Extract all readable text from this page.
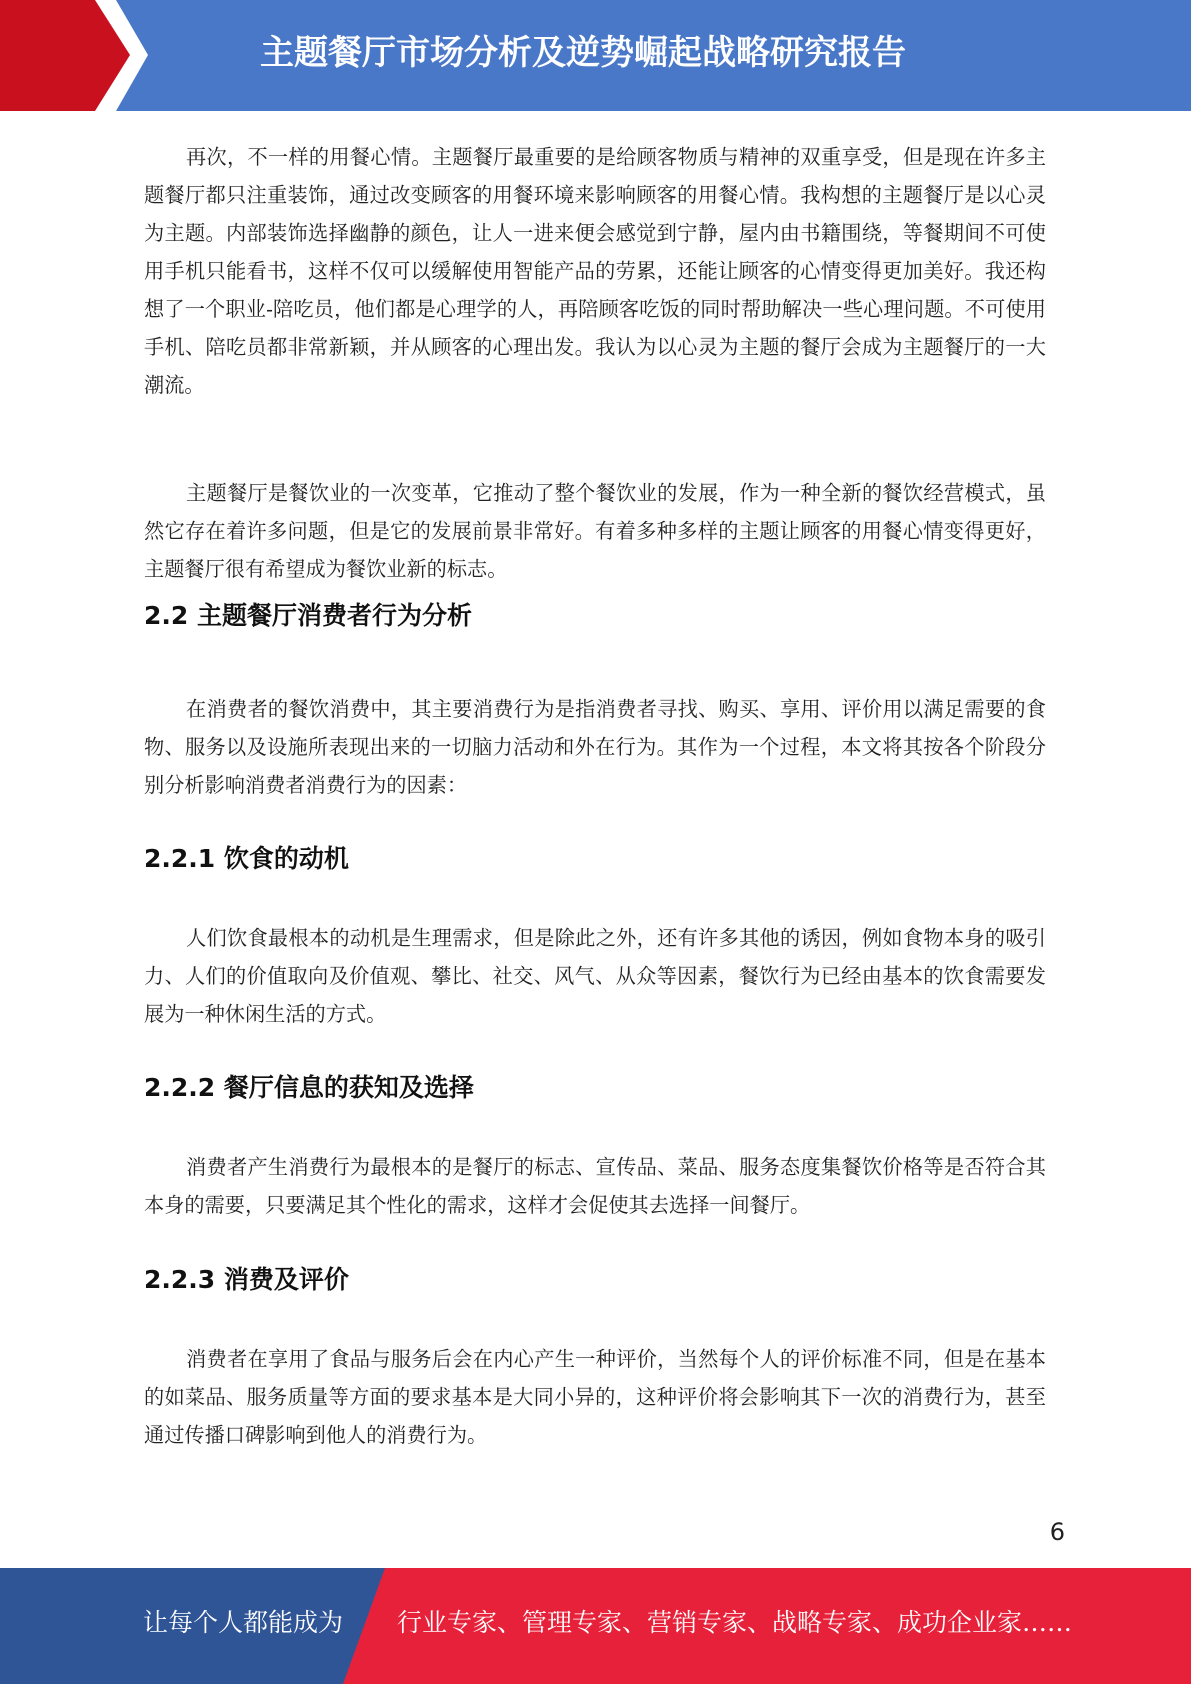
主题餐厅市场分析及逆势崛起战略研究报告

再次，不一样的用餐心情。主题餐厅最重要的是给顾客物质与精神的双重享受，但是现在许多主题餐厅都只注重装饰，通过改变顾客的用餐环境来影响顾客的用餐心情。我构想的主题餐厅是以心灵为主题。内部装饰选择幽静的颜色，让人一进来便会感觉到宁静，屋内由书籍围绕，等餐期间不可使用手机只能看书，这样不仅可以缓解使用智能产品的劳累，还能让顾客的心情变得更加美好。我还构想了一个职业-陪吃员，他们都是心理学的人，再陪顾客吃饭的同时帮助解决一些心理问题。不可使用手机、陪吃员都非常新颖，并从顾客的心理出发。我认为以心灵为主题的餐厅会成为主题餐厅的一大潮流。

主题餐厅是餐饮业的一次变革，它推动了整个餐饮业的发展，作为一种全新的餐饮经营模式，虽然它存在着许多问题，但是它的发展前景非常好。有着多种多样的主题让顾客的用餐心情变得更好，主题餐厅很有希望成为餐饮业新的标志。

2.2 主题餐厅消费者行为分析

在消费者的餐饮消费中，其主要消费行为是指消费者寻找、购买、享用、评价用以满足需要的食物、服务以及设施所表现出来的一切脑力活动和外在行为。其作为一个过程，本文将其按各个阶段分别分析影响消费者消费行为的因素：

2.2.1 饮食的动机

人们饮食最根本的动机是生理需求，但是除此之外，还有许多其他的诱因，例如食物本身的吸引力、人们的价值取向及价值观、攀比、社交、风气、从众等因素，餐饮行为已经由基本的饮食需要发展为一种休闲生活的方式。

2.2.2 餐厅信息的获知及选择

消费者产生消费行为最根本的是餐厅的标志、宣传品、菜品、服务态度集餐饮价格等是否符合其本身的需要，只要满足其个性化的需求，这样才会促使其去选择一间餐厅。

2.2.3 消费及评价

消费者在享用了食品与服务后会在内心产生一种评价，当然每个人的评价标准不同，但是在基本的如菜品、服务质量等方面的要求基本是大同小异的，这种评价将会影响其下一次的消费行为，甚至通过传播口碑影响到他人的消费行为。

6
让每个人都能成为 行业专家、管理专家、营销专家、战略专家、成功企业家……
